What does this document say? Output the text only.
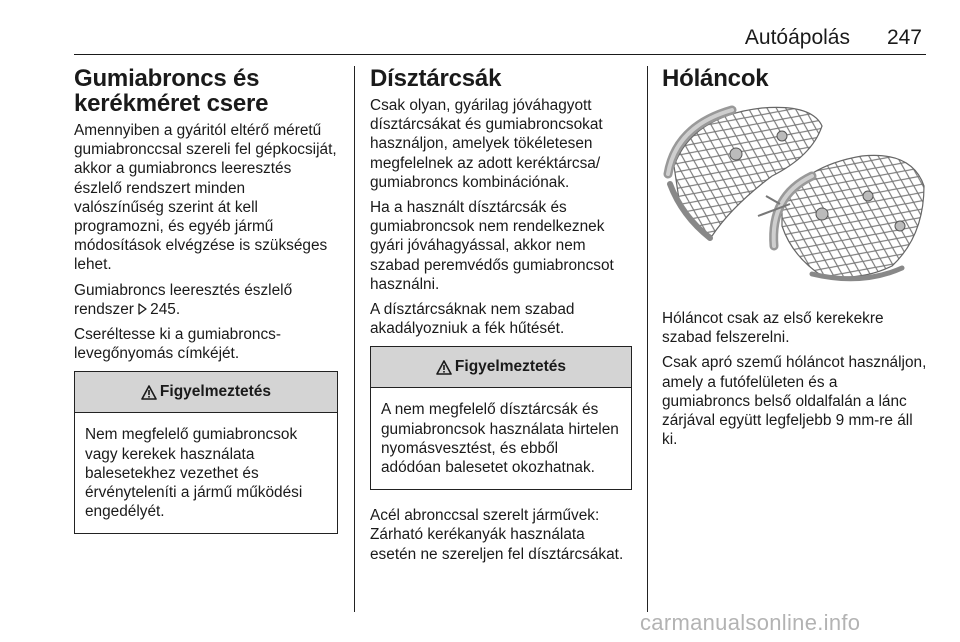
Autóápolás 247
Gumiabroncs és kerékméret csere

Amennyiben a gyáritól eltérő méretű gumiabronccsal szereli fel gépkocsiját, akkor a gumiabroncs leeresztés észlelő rendszert minden valószínűség szerint át kell programozni, és egyéb jármű módosítások elvégzése is szükséges lehet.

Gumiabroncs leeresztés észlelő rendszer 245.

Cseréltesse ki a gumiabroncs-levegőnyomás címkéjét.

Figyelmeztetés

Nem megfelelő gumiabroncsok vagy kerekek használata balesetekhez vezethet és érvényteleníti a jármű működési engedélyét.

Dísztárcsák

Csak olyan, gyárilag jóváhagyott dísztárcsákat és gumiabroncsokat használjon, amelyek tökéletesen megfelelnek az adott keréktárcsa/ gumiabroncs kombinációnak.

Ha a használt dísztárcsák és gumiabroncsok nem rendelkeznek gyári jóváhagyással, akkor nem szabad peremvédős gumiabroncsot használni.

A dísztárcsáknak nem szabad akadályozniuk a fék hűtését.

Figyelmeztetés

A nem megfelelő dísztárcsák és gumiabroncsok használata hirtelen nyomásvesztést, és ebből adódóan balesetet okozhatnak.

Acél abronccsal szerelt járművek: Zárható kerékanyák használata esetén ne szereljen fel dísztárcsákat.

Hóláncok

Hóláncot csak az első kerekekre szabad felszerelni.

Csak apró szemű hóláncot használjon, amely a futófelületen és a gumiabroncs belső oldalfalán a lánc zárjával együtt legfeljebb 9 mm-re áll ki.

carmanualsonline.info
